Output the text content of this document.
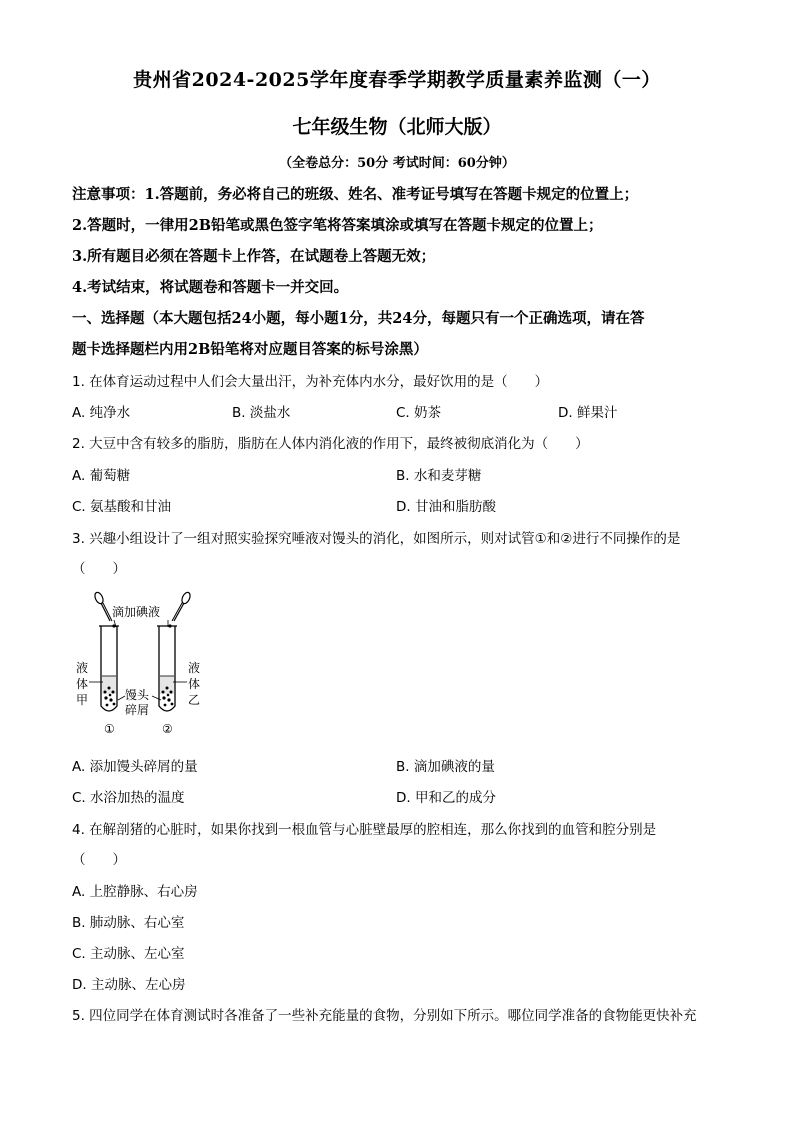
贵州省2024-2025学年度春季学期教学质量素养监测（一）
七年级生物（北师大版）
（全卷总分：50分 考试时间：60分钟）
注意事项：1.答题前，务必将自己的班级、姓名、准考证号填写在答题卡规定的位置上；
2.答题时，一律用2B铅笔或黑色签字笔将答案填涂或填写在答题卡规定的位置上；
3.所有题目必须在答题卡上作答，在试题卷上答题无效；
4.考试结束，将试题卷和答题卡一并交回。
一、选择题（本大题包括24小题，每小题1分，共24分，每题只有一个正确选项，请在答
题卡选择题栏内用2B铅笔将对应题目答案的标号涂黑）
1. 在体育运动过程中人们会大量出汗，为补充体内水分，最好饮用的是（　　）
A. 纯净水	B. 淡盐水	C. 奶茶	D. 鲜果汁
2. 大豆中含有较多的脂肪，脂肪在人体内消化液的作用下，最终被彻底消化为（　　）
A. 葡萄糖	B. 水和麦芽糖
C. 氨基酸和甘油	D. 甘油和脂肪酸
3. 兴趣小组设计了一组对照实验探究唾液对馒头的消化，如图所示，则对试管①和②进行不同操作的是
（　　）
滴加碘液
液
体
甲
液
体
乙
馒头
碎屑
①	②
A. 添加馒头碎屑的量	B. 滴加碘液的量
C. 水浴加热的温度	D. 甲和乙的成分
4. 在解剖猪的心脏时，如果你找到一根血管与心脏壁最厚的腔相连，那么你找到的血管和腔分别是
（　　）
A. 上腔静脉、右心房
B. 肺动脉、右心室
C. 主动脉、左心室
D. 主动脉、左心房
5. 四位同学在体育测试时各准备了一些补充能量的食物，分别如下所示。哪位同学准备的食物能更快补充
